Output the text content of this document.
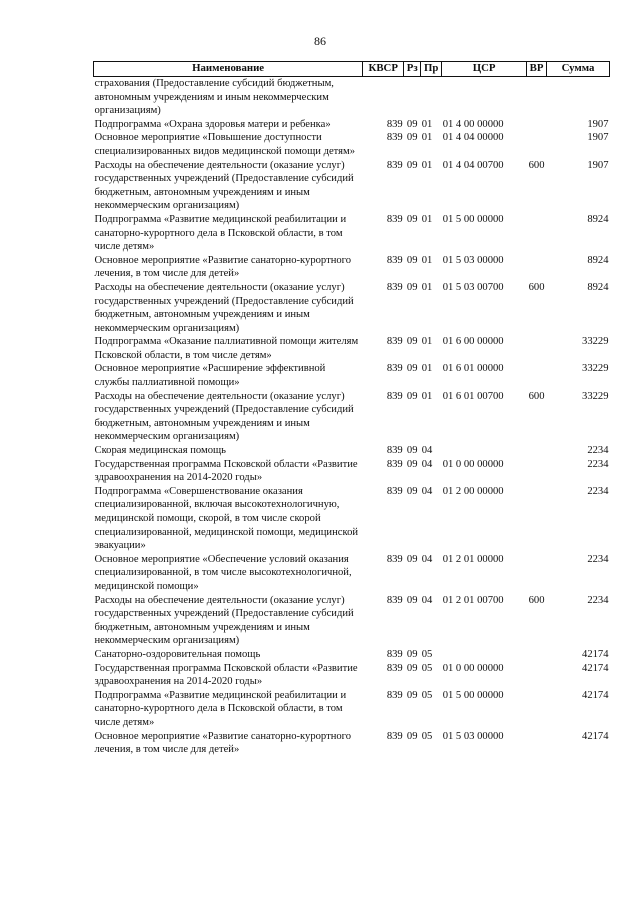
86
Наименование	КВСР	Рз	Пр	ЦСР	ВР	Сумма
страхования (Предоставление субсидий бюджетным, автономным учреждениям и иным некоммерческим организациям)						
Подпрограмма «Охрана здоровья матери и ребенка»	839	09	01	01 4 00 00000		1907
Основное мероприятие «Повышение доступности специализированных видов медицинской помощи детям»	839	09	01	01 4 04 00000		1907
Расходы на обеспечение деятельности (оказание услуг) государственных учреждений (Предоставление субсидий бюджетным, автономным учреждениям и иным некоммерческим организациям)	839	09	01	01 4 04 00700	600	1907
Подпрограмма «Развитие медицинской реабилитации и санаторно-курортного дела в Псковской области, в том числе детям»	839	09	01	01 5 00 00000		8924
Основное мероприятие «Развитие санаторно-курортного лечения, в том числе для детей»	839	09	01	01 5 03 00000		8924
Расходы на обеспечение деятельности (оказание услуг) государственных учреждений (Предоставление субсидий бюджетным, автономным учреждениям и иным некоммерческим организациям)	839	09	01	01 5 03 00700	600	8924
Подпрограмма «Оказание паллиативной помощи жителям Псковской области, в том числе детям»	839	09	01	01 6 00 00000		33229
Основное мероприятие «Расширение эффективной службы паллиативной помощи»	839	09	01	01 6 01 00000		33229
Расходы на обеспечение деятельности (оказание услуг) государственных учреждений (Предоставление субсидий бюджетным, автономным учреждениям и иным некоммерческим организациям)	839	09	01	01 6 01 00700	600	33229
Скорая медицинская помощь	839	09	04			2234
Государственная программа Псковской области «Развитие здравоохранения на 2014-2020 годы»	839	09	04	01 0 00 00000		2234
Подпрограмма «Совершенствование оказания специализированной, включая высокотехнологичную, медицинской помощи, скорой, в том числе скорой специализированной, медицинской помощи, медицинской эвакуации»	839	09	04	01 2 00 00000		2234
Основное мероприятие «Обеспечение условий оказания специализированной, в том числе высокотехнологичной, медицинской помощи»	839	09	04	01 2 01 00000		2234
Расходы на обеспечение деятельности (оказание услуг) государственных учреждений (Предоставление субсидий бюджетным, автономным учреждениям и иным некоммерческим организациям)	839	09	04	01 2 01 00700	600	2234
Санаторно-оздоровительная помощь	839	09	05			42174
Государственная программа Псковской области «Развитие здравоохранения на 2014-2020 годы»	839	09	05	01 0 00 00000		42174
Подпрограмма «Развитие медицинской реабилитации и санаторно-курортного дела в Псковской области, в том числе детям»	839	09	05	01 5 00 00000		42174
Основное мероприятие «Развитие санаторно-курортного лечения, в том числе для детей»	839	09	05	01 5 03 00000		42174
